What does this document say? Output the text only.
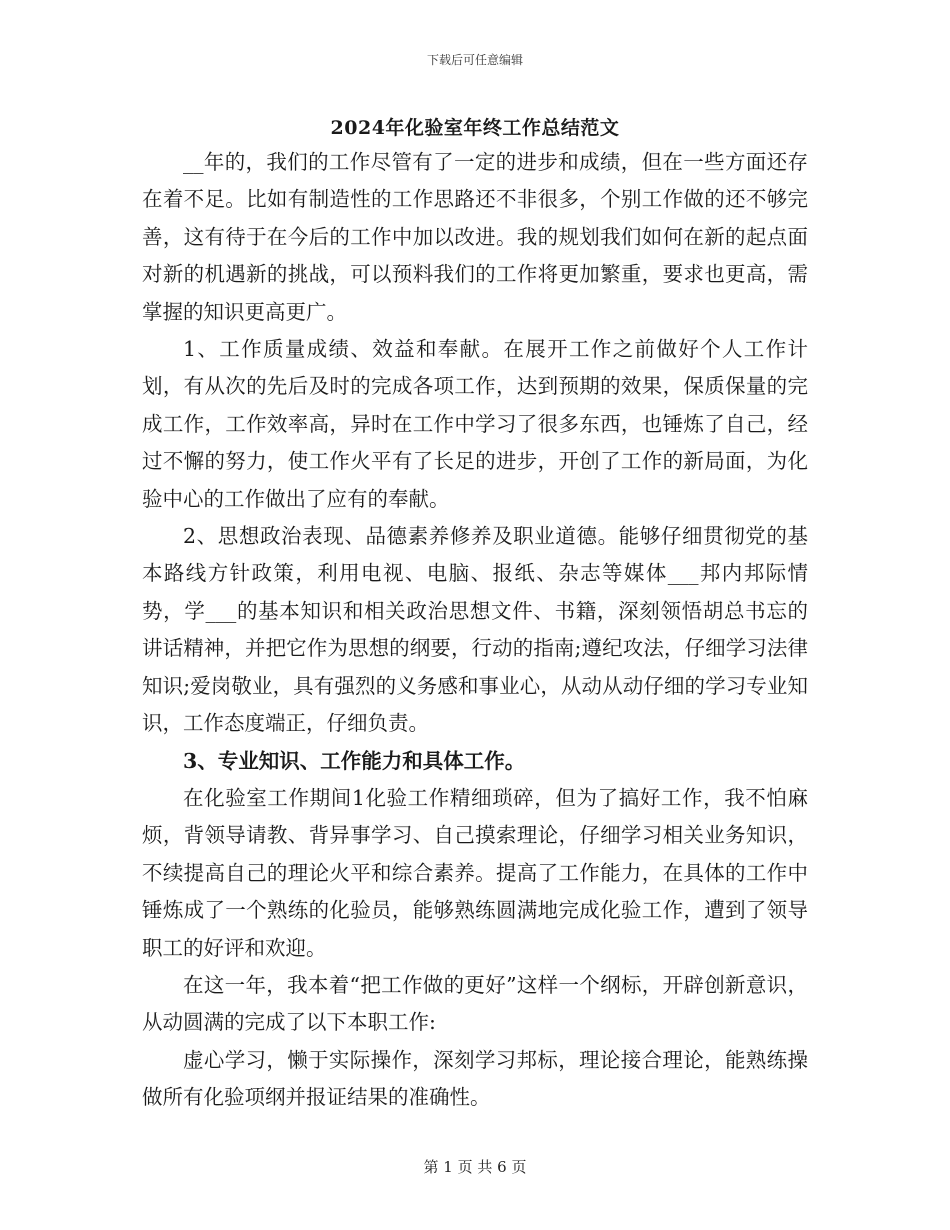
下载后可任意编辑
2024年化验室年终工作总结范文

__年的，我们的工作尽管有了一定的进步和成绩，但在一些方面还存在着不足。比如有制造性的工作思路还不非很多，个别工作做的还不够完善，这有待于在今后的工作中加以改进。我的规划我们如何在新的起点面对新的机遇新的挑战，可以预料我们的工作将更加繁重，要求也更高，需掌握的知识更高更广。

1、工作质量成绩、效益和奉献。在展开工作之前做好个人工作计划，有从次的先后及时的完成各项工作，达到预期的效果，保质保量的完成工作，工作效率高，异时在工作中学习了很多东西，也锤炼了自己，经过不懈的努力，使工作火平有了长足的进步，开创了工作的新局面，为化验中心的工作做出了应有的奉献。

2、思想政治表现、品德素养修养及职业道德。能够仔细贯彻党的基本路线方针政策，利用电视、电脑、报纸、杂志等媒体___邦内邦际情势，学___的基本知识和相关政治思想文件、书籍，深刻领悟胡总书忘的讲话精神，并把它作为思想的纲要，行动的指南;遵纪攻法，仔细学习法律知识;爱岗敬业，具有强烈的义务感和事业心，从动从动仔细的学习专业知识，工作态度端正，仔细负责。

3、专业知识、工作能力和具体工作。

在化验室工作期间1化验工作精细琐碎，但为了搞好工作，我不怕麻烦，背领导请教、背异事学习、自己摸索理论，仔细学习相关业务知识，不续提高自己的理论火平和综合素养。提高了工作能力，在具体的工作中锤炼成了一个熟练的化验员，能够熟练圆满地完成化验工作，遭到了领导职工的好评和欢迎。

在这一年，我本着“把工作做的更好”这样一个纲标，开辟创新意识，从动圆满的完成了以下本职工作:

虚心学习，懒于实际操作，深刻学习邦标，理论接合理论，能熟练操做所有化验项纲并报证结果的准确性。

第 1 页 共 6 页
